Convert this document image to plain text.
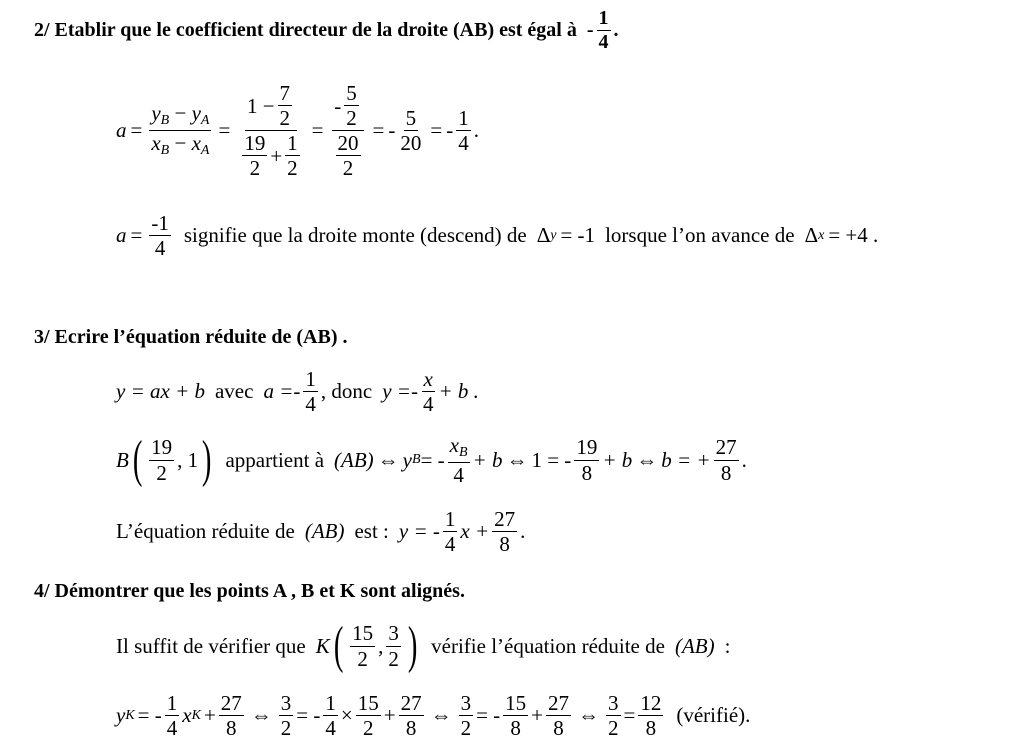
2/ Etablir que le coefficient directeur de la droite (AB) est égal à - $\frac{1}{4}$ .
$a = \frac{y_B - y_A}{x_B - x_A} = \frac{1 - \frac{7}{2}}{\frac{19}{2} + \frac{1}{2}} = \frac{- \frac{5}{2}}{\frac{20}{2}}$ = - $\frac{5}{20}$ = - $\frac{1}{4}$ .
$a = \frac{-1}{4}$ signifie que la droite monte (descend) de Δ y = -1 lorsque l’on avance de Δ x = +4 .
3/ Ecrire l’équation réduite de (AB) .
y = ax + b avec a = - $\frac{1}{4}$ , donc y = - $\frac{x}{4} + b$ .
B ( $\frac{19}{2}$ , 1 ) appartient à (AB) ⇔ y B = - $\frac{x_B}{4} + b$ ⇔ 1 = - $\frac{19}{8} + b$ ⇔ b = + $\frac{27}{8}$ .
L’équation réduite de (AB) est : y = - $\frac{1}{4}$ $x + \frac{27}{8}$ .
4/ Démontrer que les points A , B et K sont alignés.
Il suffit de vérifier que K ( $\frac{15}{2}$ , $\frac{3}{2}$ ) vérifie l’équation réduite de (AB) :
y K = - $\frac{1}{4}$ x $K + \frac{27}{8}$ ⇔ $\frac{3}{2}$ = - $\frac{1}{4} \times \frac{15}{2} + \frac{27}{8}$ ⇔ $\frac{3}{2}$ = - $\frac{15}{8} + \frac{27}{8}$ ⇔ $\frac{3}{2} = \frac{12}{8}$ (vérifié).
